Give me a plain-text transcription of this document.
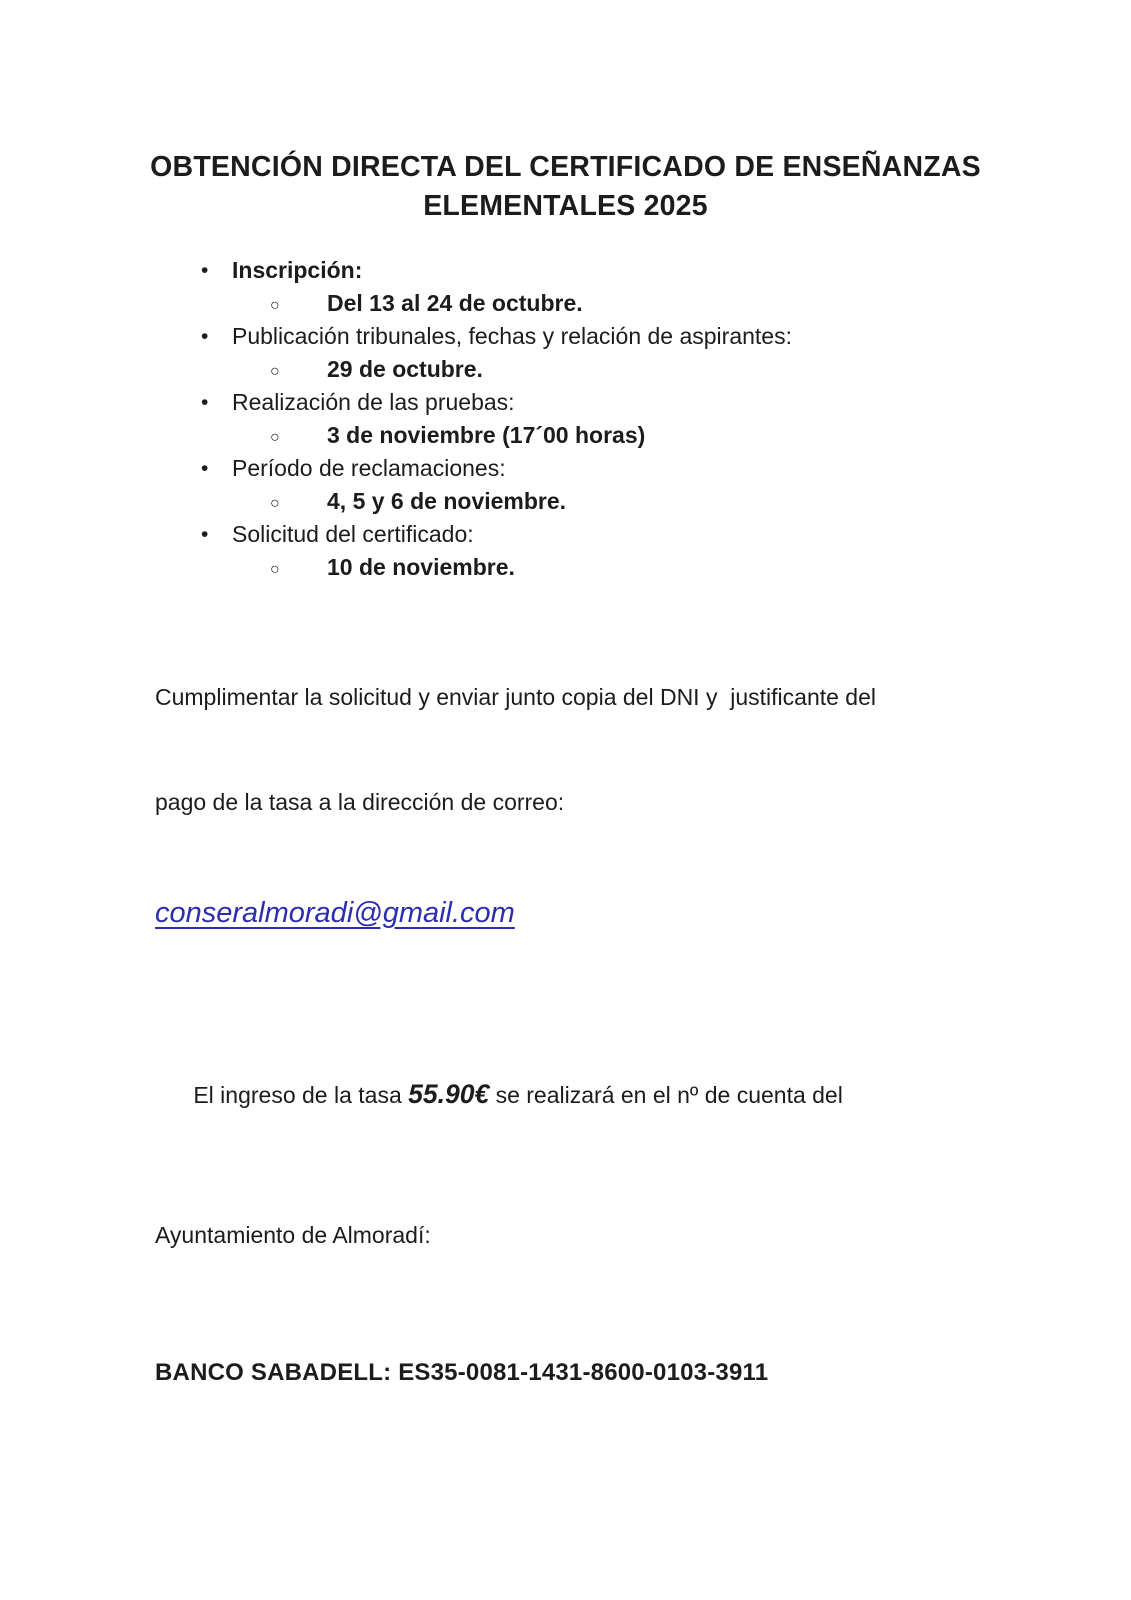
OBTENCIÓN DIRECTA DEL CERTIFICADO DE ENSEÑANZAS
ELEMENTALES 2025
• Inscripción:
○ Del 13 al 24 de octubre.
• Publicación tribunales, fechas y relación de aspirantes:
○ 29 de octubre.
• Realización de las pruebas:
○ 3 de noviembre (17´00 horas)
• Período de reclamaciones:
○ 4, 5 y 6 de noviembre.
• Solicitud del certificado:
○ 10 de noviembre.

Cumplimentar la solicitud y enviar junto copia del DNI y  justificante del

pago de la tasa a la dirección de correo:

conseralmoradi@gmail.com

El ingreso de la tasa 55.90€ se realizará en el nº de cuenta del

Ayuntamiento de Almoradí:

BANCO SABADELL: ES35-0081-1431-8600-0103-3911
